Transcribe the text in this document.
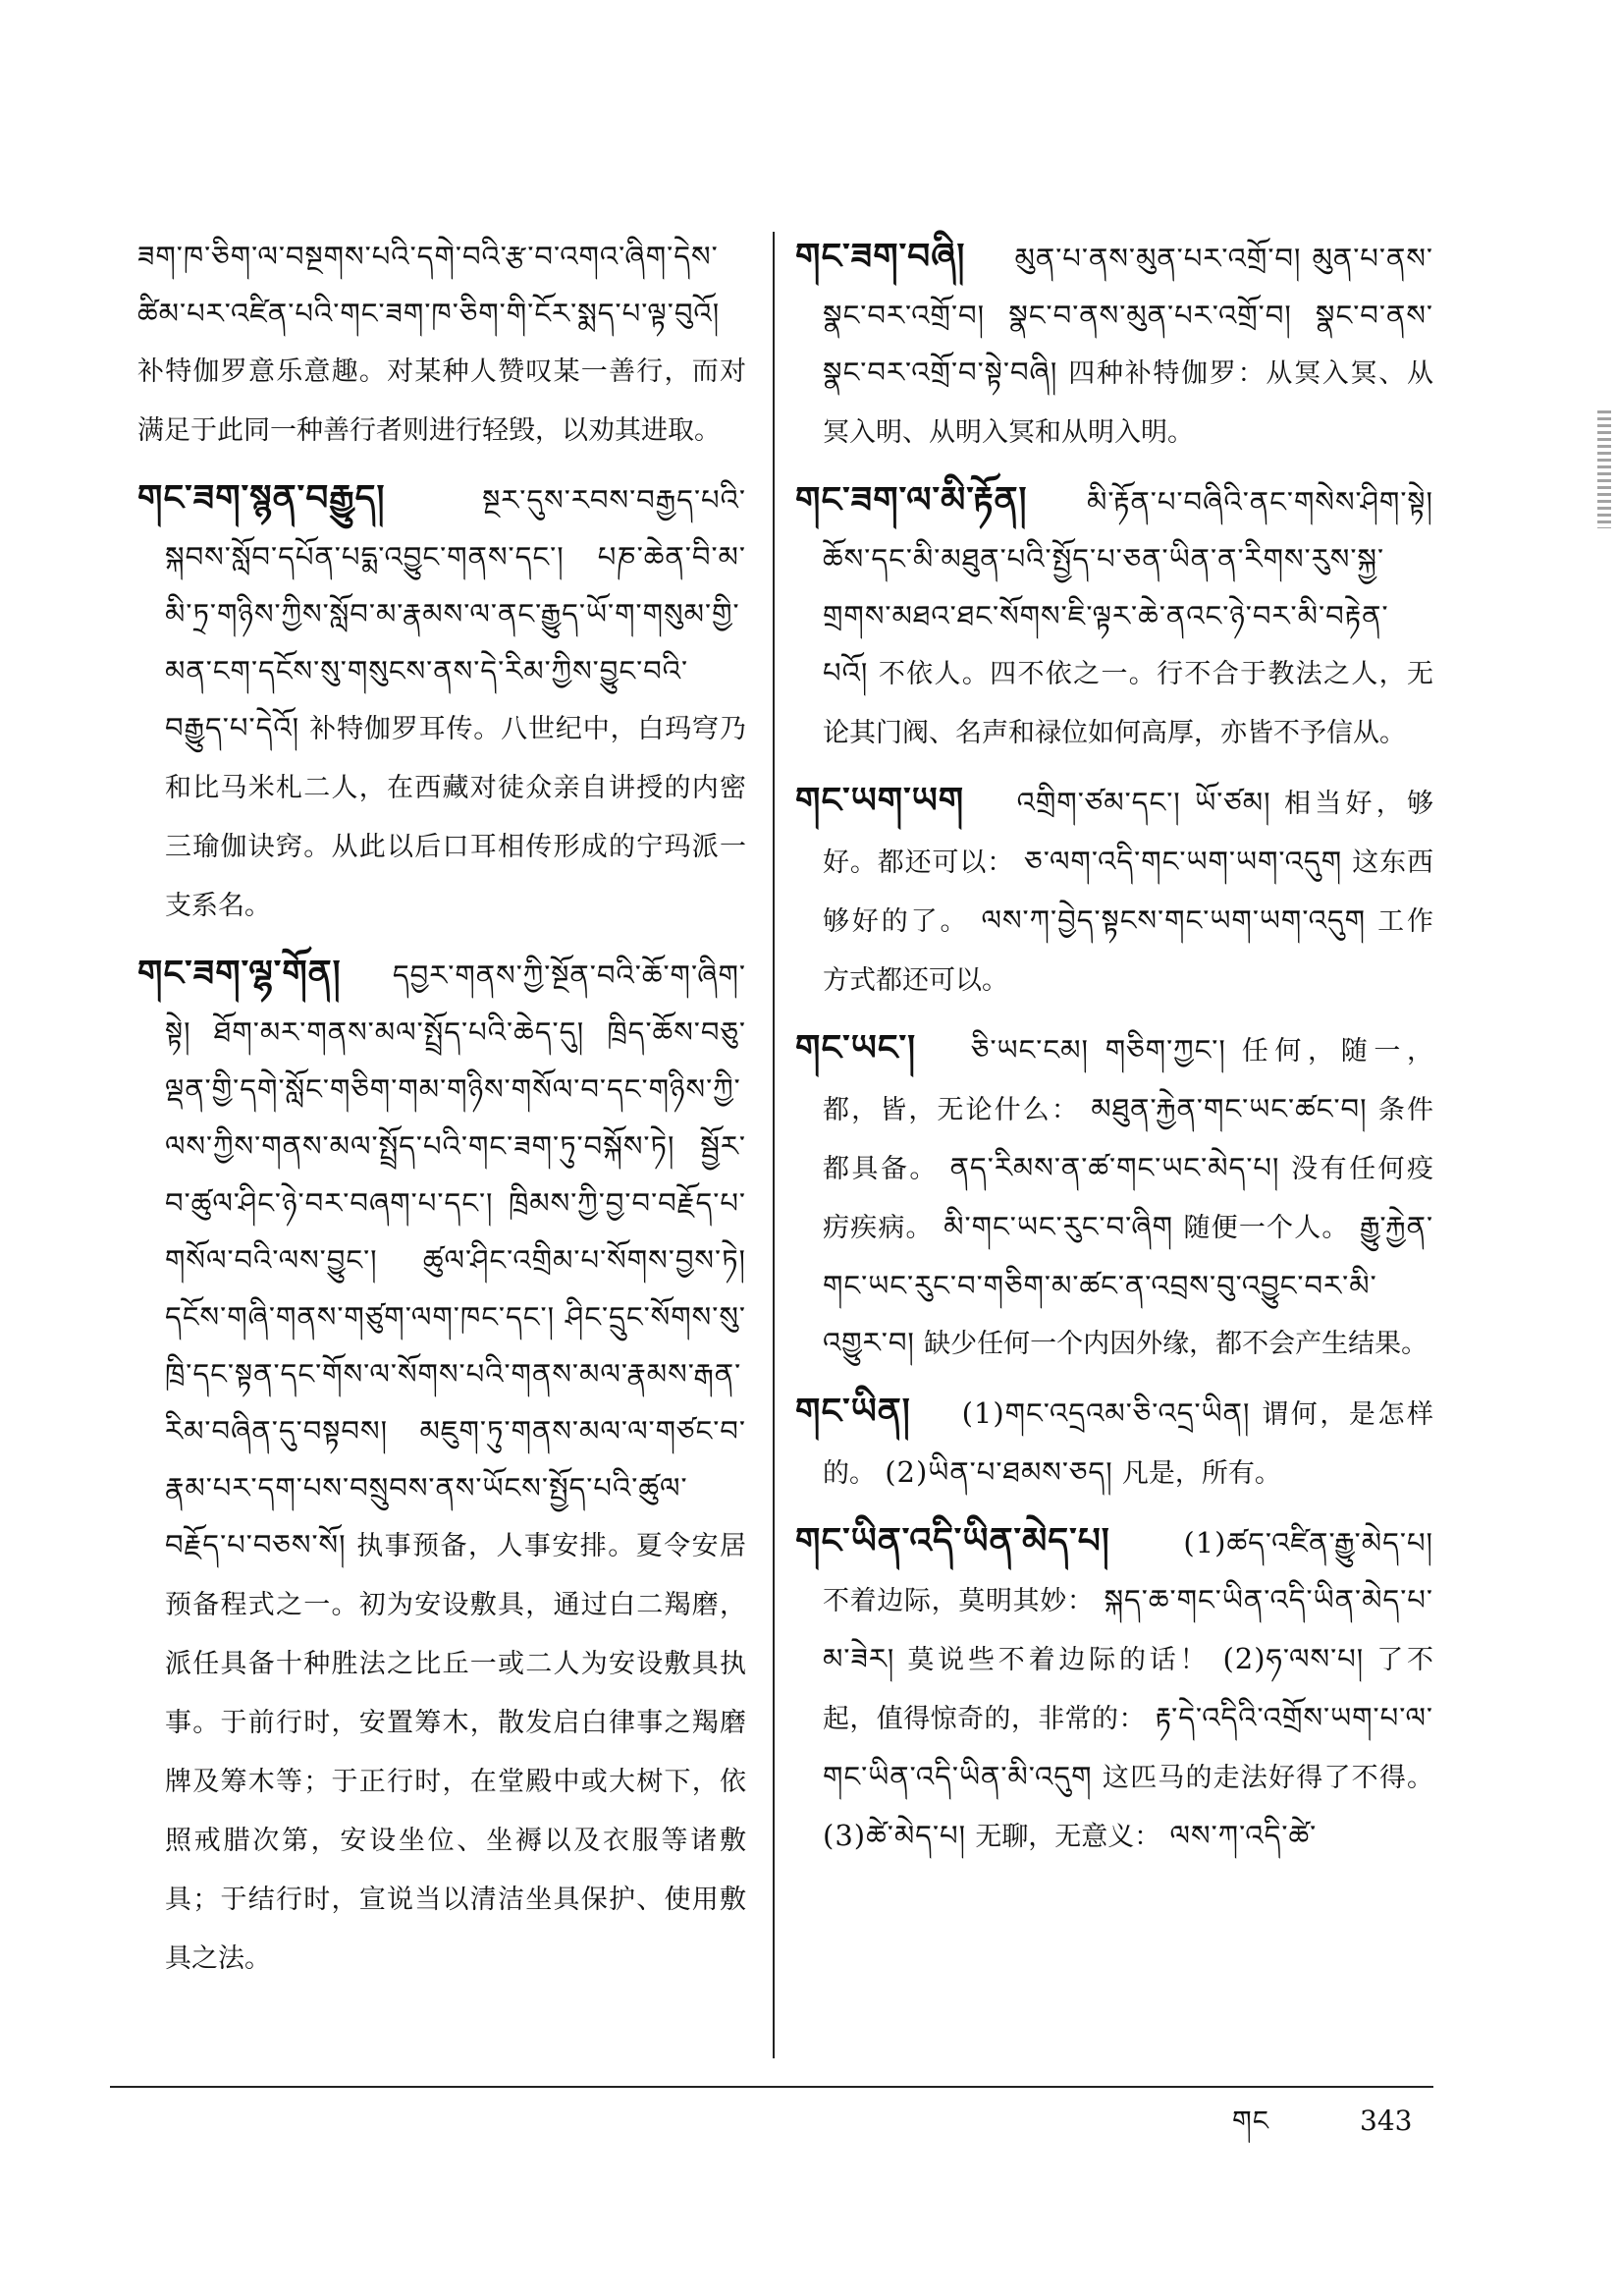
ཟག་ཁ་ཅིག་ལ་བསྔགས་པའི་དགེ་བའི་རྩ་བ་འགའ་ཞིག་དེས་ཚིམ་པར་འཛིན་པའི་གང་ཟག་ཁ་ཅིག་གི་ངོར་སྨད་པ་ལྟ་བུའོ། 补特伽罗意乐意趣。对某种人赞叹某一善行，而对满足于此同一种善行者则进行轻毁，以劝其进取。
གང་ཟག་སྙན་བརྒྱུད།	སྔར་དུས་རབས་བརྒྱད་པའི་སྐབས་སློབ་དཔོན་པདྨ་འབྱུང་གནས་དང་། པཎ་ཆེན་བི་མ་མི་ཏྲ་གཉིས་ཀྱིས་སློབ་མ་རྣམས་ལ་ནང་རྒྱུད་ཡོ་ག་གསུམ་གྱི་མན་ངག་དངོས་སུ་གསུངས་ནས་དེ་རིམ་ཀྱིས་བྱུང་བའི་བརྒྱུད་པ་དེའོ། 补特伽罗耳传。八世纪中，白玛穹乃和比马米札二人，在西藏对徒众亲自讲授的内密三瑜伽诀窍。从此以后口耳相传形成的宁玛派一支系名。
གང་ཟག་ལྷ་གོན། དབྱར་གནས་ཀྱི་སྔོན་བའི་ཆོ་ག་ཞིག་སྟེ། ཐོག་མར་གནས་མལ་སྤྲོད་པའི་ཆེད་དུ། ཁྲིད་ཆོས་བཅུ་ལྡན་གྱི་དགེ་སློང་གཅིག་གམ་གཉིས་གསོལ་བ་དང་གཉིས་ཀྱི་ལས་ཀྱིས་གནས་མལ་སྤྲོད་པའི་གང་ཟག་ཏུ་བསྐོས་ཏེ། སྦྱོར་བ་ཚུལ་ཤིང་ཉེ་བར་བཞག་པ་དང་། ཁྲིམས་ཀྱི་བྱ་བ་བརྗོད་པ་གསོལ་བའི་ལས་བྱུང་། ཚུལ་ཤིང་འགྲིམ་པ་སོགས་བྱས་ཏེ། དངོས་གཞི་གནས་གཙུག་ལག་ཁང་དང་། ཤིང་དྲུང་སོགས་སུ་ཁྲི་དང་སྟན་དང་གོས་ལ་སོགས་པའི་གནས་མལ་རྣམས་རྒན་རིམ་བཞིན་དུ་བསྟབས། མཇུག་ཏུ་གནས་མལ་ལ་གཙང་བ་རྣམ་པར་དག་པས་བསྲུབས་ནས་ཡོངས་སྤྱོད་པའི་ཚུལ་བརྗོད་པ་བཅས་སོ། 执事预备，人事安排。夏令安居预备程式之一。初为安设敷具，通过白二羯磨，派任具备十种胜法之比丘一或二人为安设敷具执事。于前行时，安置筹木，散发启白律事之羯磨牌及筹木等；于正行时，在堂殿中或大树下，依照戒腊次第，安设坐位、坐褥以及衣服等诸敷具；于结行时，宣说当以清洁坐具保护、使用敷具之法。
གང་ཟག་བཞི། མུན་པ་ནས་མུན་པར་འགྲོ་བ། མུན་པ་ནས་སྣང་བར་འགྲོ་བ། སྣང་བ་ནས་མུན་པར་འགྲོ་བ། སྣང་བ་ནས་སྣང་བར་འགྲོ་བ་སྟེ་བཞི། 四种补特伽罗：从冥入冥、从冥入明、从明入冥和从明入明。
གང་ཟག་ལ་མི་རྟོན། མི་རྟོན་པ་བཞིའི་ནང་གསེས་ཤིག་སྟེ། ཆོས་དང་མི་མཐུན་པའི་སྤྱོད་པ་ཅན་ཡིན་ན་རིགས་རུས་སྐྱ་གྲགས་མཐའ་ཐང་སོགས་ཇི་ལྟར་ཆེ་ནའང་ཉེ་བར་མི་བརྟེན་པའོ། 不依人。四不依之一。行不合于教法之人，无论其门阀、名声和禄位如何高厚，亦皆不予信从。
གང་ཡག་ཡག འགྲིག་ཙམ་དང་། ཡོ་ཙམ། 相当好，够好。都还可以： ཅ་ལག་འདི་གང་ཡག་ཡག་འདུག 这东西够好的了。 ལས་ཀ་བྱེད་སྟངས་གང་ཡག་ཡག་འདུག 工作方式都还可以。
གང་ཡང་། ཅི་ཡང་ངམ། གཅིག་ཀྱང་། 任何，随一，都，皆，无论什么： མཐུན་རྐྱེན་གང་ཡང་ཚང་བ། 条件都具备。 ནད་རིམས་ན་ཚ་གང་ཡང་མེད་པ། 没有任何疫疠疾病。 མི་གང་ཡང་རུང་བ་ཞིག 随便一个人。 རྒྱུ་རྐྱེན་གང་ཡང་རུང་བ་གཅིག་མ་ཚང་ན་འབྲས་བུ་འབྱུང་བར་མི་འགྱུར་བ། 缺少任何一个内因外缘，都不会产生结果。
གང་ཡིན། (1)གང་འདྲའམ་ཅི་འདྲ་ཡིན། 谓何，是怎样的。 (2)ཡིན་པ་ཐམས་ཅད། 凡是，所有。
གང་ཡིན་འདི་ཡིན་མེད་པ།	(1)ཚད་འཛིན་རྒྱུ་མེད་པ། 不着边际，莫明其妙： སྐད་ཆ་གང་ཡིན་འདི་ཡིན་མེད་པ་མ་ཟེར། 莫说些不着边际的话！ (2)ཧ་ལས་པ། 了不起，值得惊奇的，非常的： རྟ་དེ་འདིའི་འགྲོས་ཡག་པ་ལ་གང་ཡིན་འདི་ཡིན་མི་འདུག 这匹马的走法好得了不得。 (3)ཚེ་མེད་པ། 无聊，无意义： ལས་ཀ་འདི་ཚེ་
གང	343
